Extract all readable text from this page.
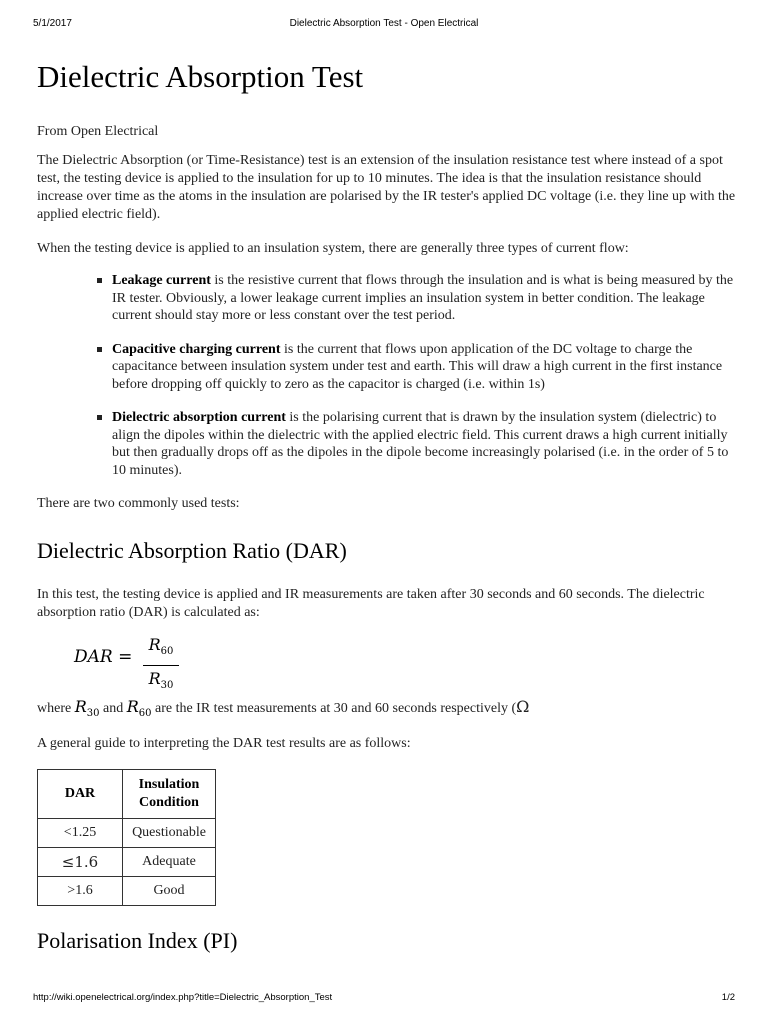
5/1/2017	Dielectric Absorption Test - Open Electrical
Dielectric Absorption Test
From Open Electrical

The Dielectric Absorption (or Time-Resistance) test is an extension of the insulation resistance test where instead of a spot test, the testing device is applied to the insulation for up to 10 minutes. The idea is that the insulation resistance should increase over time as the atoms in the insulation are polarised by the IR tester's applied DC voltage (i.e. they line up with the applied electric field).

When the testing device is applied to an insulation system, there are generally three types of current flow:

Leakage current is the resistive current that flows through the insulation and is what is being measured by the IR tester. Obviously, a lower leakage current implies an insulation system in better condition. The leakage current should stay more or less constant over the test period.
Capacitive charging current is the current that flows upon application of the DC voltage to charge the capacitance between insulation system under test and earth. This will draw a high current in the first instance before dropping off quickly to zero as the capacitor is charged (i.e. within 1s)
Dielectric absorption current is the polarising current that is drawn by the insulation system (dielectric) to align the dipoles within the dielectric with the applied electric field. This current draws a high current initially but then gradually drops off as the dipoles in the dipole become increasingly polarised (i.e. in the order of 5 to 10 minutes).

There are two commonly used tests:

Dielectric Absorption Ratio (DAR)

In this test, the testing device is applied and IR measurements are taken after 30 seconds and 60 seconds. The dielectric absorption ratio (DAR) is calculated as:

DAR =
$R_{60}$
$R_{30}$

where $R_{30}$ and $R_{60}$ are the IR test measurements at 30 and 60 seconds respectively (Ω

A general guide to interpreting the DAR test results are as follows:

DAR	Insulation Condition
<1.25	Questionable
≤1.6	Adequate
>1.6	Good
Polarisation Index (PI)
http://wiki.openelectrical.org/index.php?title=Dielectric_Absorption_Test	1/2
